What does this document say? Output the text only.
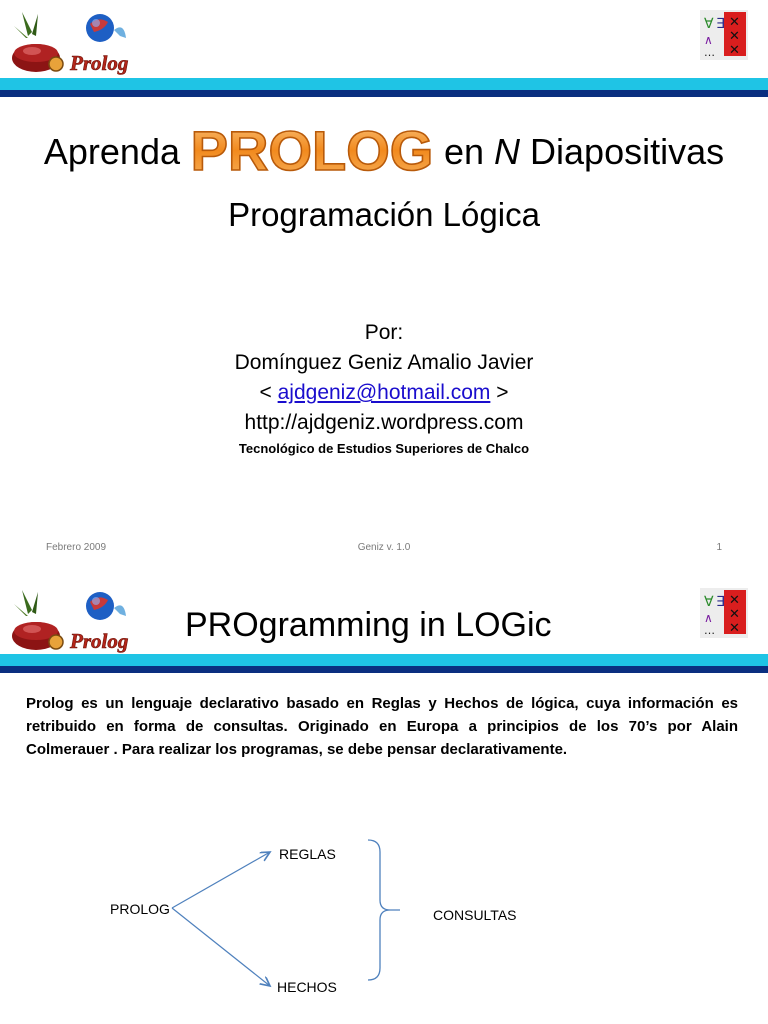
Prolog
∀ ∃
∧
…
✕
✕
✕
Aprenda PROLOG en N Diapositivas
Programación Lógica
Por:
Domínguez Geniz Amalio Javier
< ajdgeniz@hotmail.com >
http://ajdgeniz.wordpress.com
Tecnológico de Estudios Superiores de Chalco
Febrero 2009	Geniz v. 1.0	1
Prolog
∀ ∃
∧
…
✕
✕
✕
PROgramming in LOGic
Prolog es un lenguaje declarativo basado en Reglas y Hechos de lógica, cuya información es retribuido en forma de consultas. Originado en Europa a principios de los 70’s por Alain Colmerauer . Para realizar los programas, se debe pensar declarativamente.
PROLOG
REGLAS
HECHOS
CONSULTAS
